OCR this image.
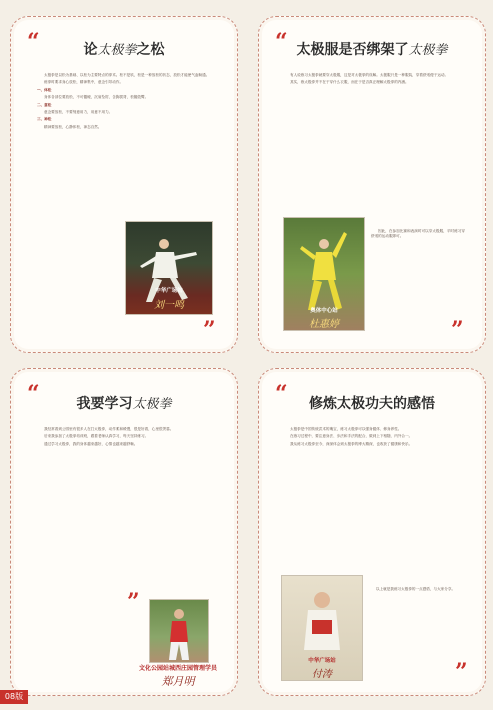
“	论太极拳之松

太极拳是以松为基础、以松为主要特点的拳术。松不是软，松是一种放松的状态，放松才能使气血畅通。

练拳时要求身心放松，精神集中，意念引导动作。

一、体松

身体各部位要放松，不可僵硬，沉肩坠肘，含胸拔背，松腰敛臀。

二、意松

意念要放松，不要刻意用力，用意不用力。

三、神松

精神要放松，心静体松，神态自然。

中华广场站
刘一鸣
”
“ 太极服是否绑架了太极拳

有人说练习太极拳就要穿太极服，这是对太极拳的误解。太极服只是一种服装，穿着舒适便于运动。

其实，练太极拳并不在于穿什么衣服，而在于是否真正理解太极拳的内涵。

奥体中心站
杜惠婷

因此，在参加比赛和表演时可以穿太极服，平时练习穿舒适的运动服即可。

”
“	我要学习太极拳

我经常看到公园里有很多人在打太极拳，动作柔和缓慢，很是好看，心里很羡慕。

后来我参加了太极拳培训班，跟着老师认真学习，每天坚持练习。

通过学习太极拳，我的身体越来越好，心情也越来越舒畅。

”
文化公园站城西庄园管理学员
郑月明
“	修炼太极功夫的感悟

太极拳是中国传统武术的瑰宝，练习太极拳可以强身健体、修身养性。

在练习过程中，要注意身法、步法和手法的配合，做到上下相随、内外合一。

我从练习太极拳至今，深深体会到太极拳的博大精深，也收获了健康和快乐。

中华广场站
付涛

以上就是我练习太极拳的一点感悟，与大家分享。

”
08版
